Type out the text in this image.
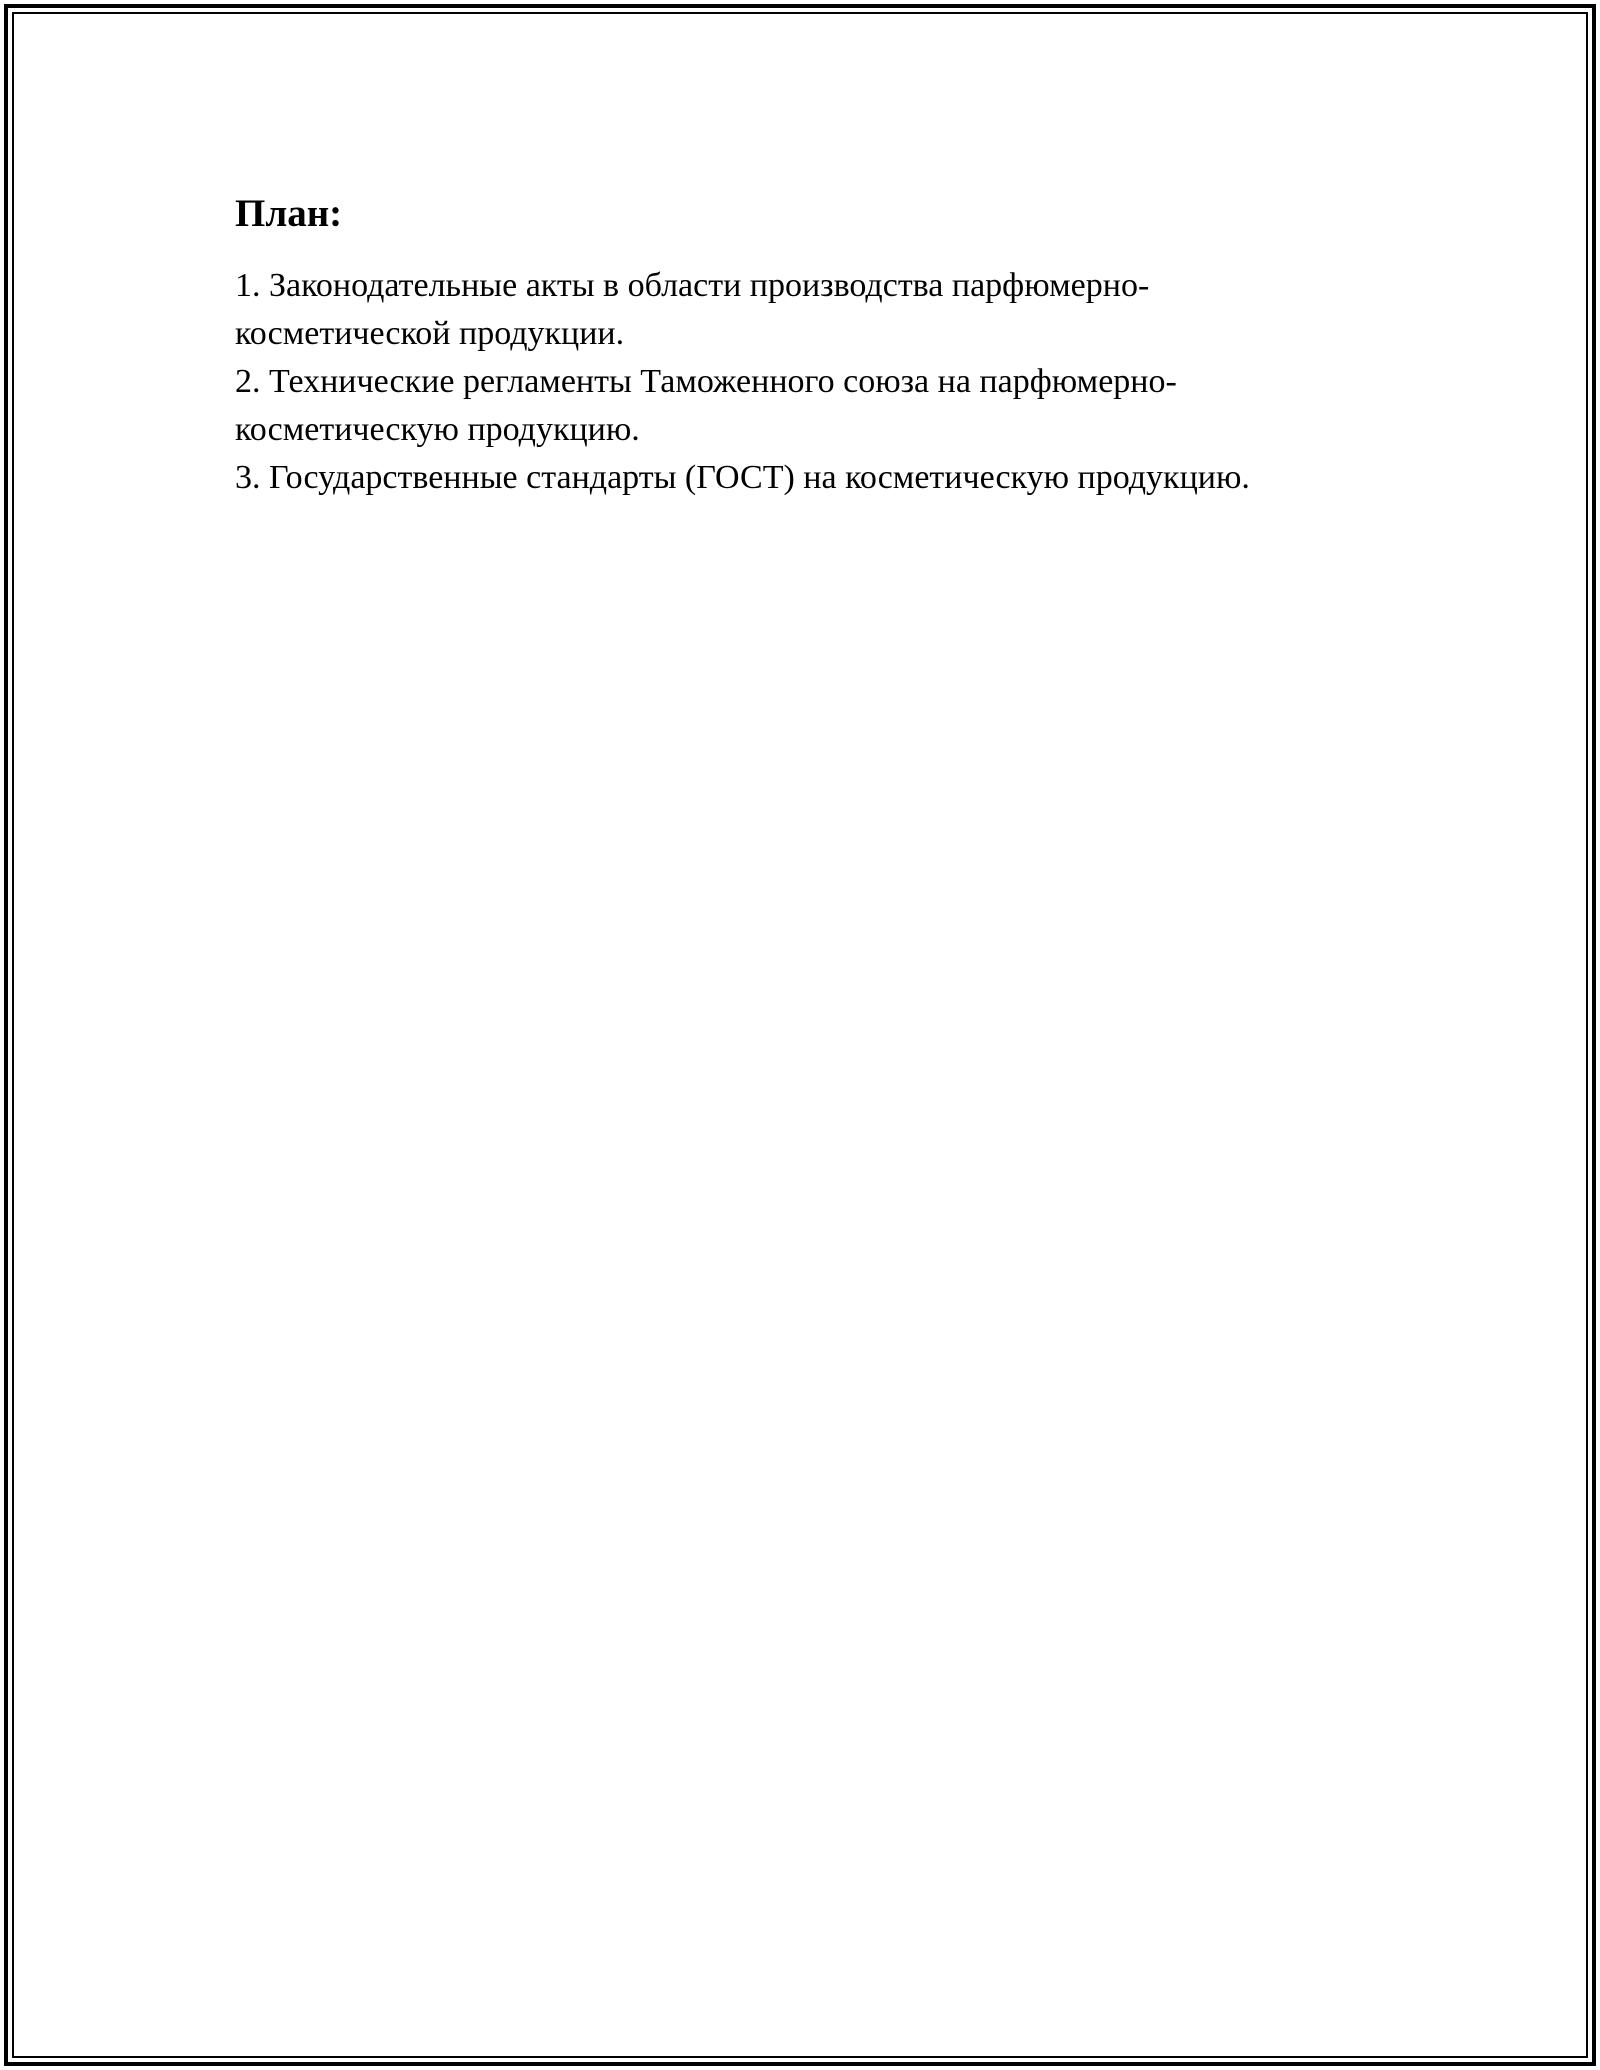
План:
1. Законодательные акты в области производства парфюмерно-
косметической продукции.
2. Технические регламенты Таможенного союза на парфюмерно-
косметическую продукцию.
3. Государственные стандарты (ГОСТ) на косметическую продукцию.
